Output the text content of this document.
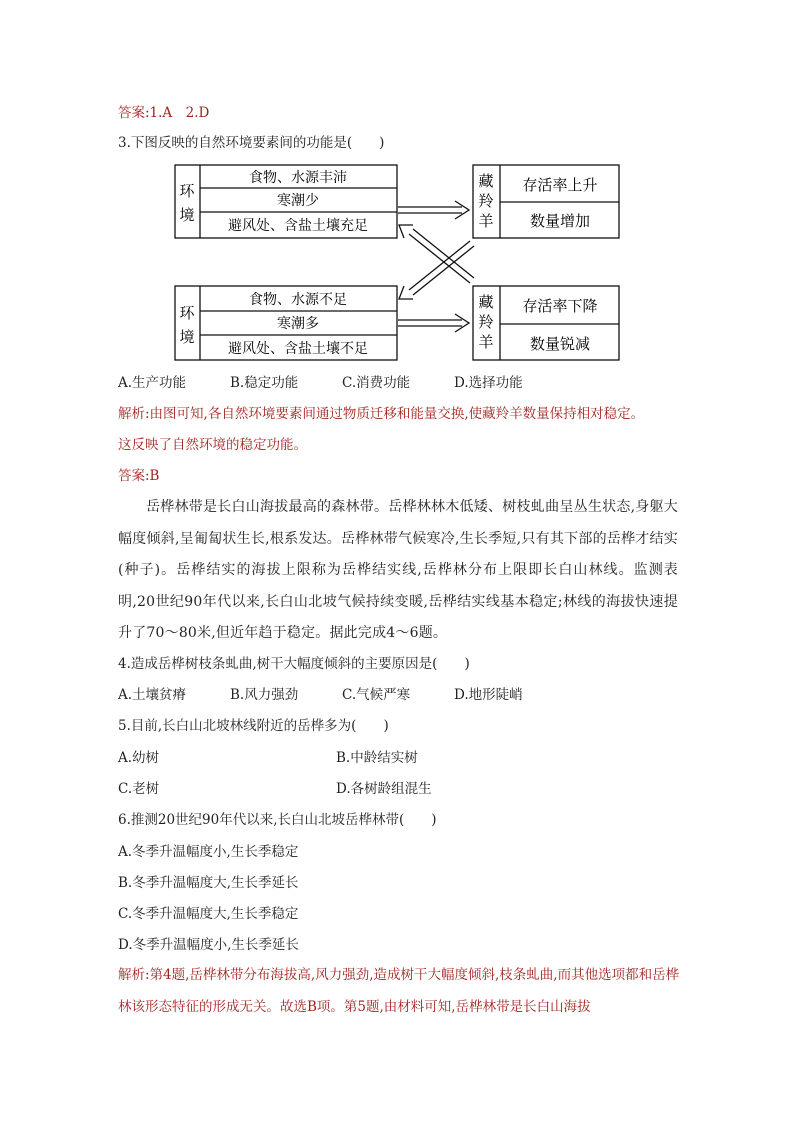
答案:1.A　2.D
3.下图反映的自然环境要素间的功能是(　　)
环
境
环
境
藏
羚
羊
藏
羚
羊
食物、水源丰沛
寒潮少
避风处、含盐土壤充足
食物、水源不足
寒潮多
避风处、含盐土壤不足
存活率上升
数量增加
存活率下降
数量锐减
A.生产功能	B.稳定功能	C.消费功能	D.选择功能
解析:由图可知,各自然环境要素间通过物质迁移和能量交换,使藏羚羊数量保持相对稳定。
这反映了自然环境的稳定功能。
答案:B
岳桦林带是长白山海拔最高的森林带。岳桦林林木低矮、树枝虬曲呈丛生状态,身躯大幅度倾斜,呈匍匐状生长,根系发达。岳桦林带气候寒冷,生长季短,只有其下部的岳桦才结实(种子)。岳桦结实的海拔上限称为岳桦结实线,岳桦林分布上限即长白山林线。监测表明,20世纪90年代以来,长白山北坡气候持续变暖,岳桦结实线基本稳定;林线的海拔快速提升了70～80米,但近年趋于稳定。据此完成4～6题。
4.造成岳桦树枝条虬曲,树干大幅度倾斜的主要原因是(　　)
A.土壤贫瘠	B.风力强劲	C.气候严寒	D.地形陡峭
5.目前,长白山北坡林线附近的岳桦多为(　　)
A.幼树	B.中龄结实树
C.老树	D.各树龄组混生
6.推测20世纪90年代以来,长白山北坡岳桦林带(　　)
A.冬季升温幅度小,生长季稳定
B.冬季升温幅度大,生长季延长
C.冬季升温幅度大,生长季稳定
D.冬季升温幅度小,生长季延长
解析:第4题,岳桦林带分布海拔高,风力强劲,造成树干大幅度倾斜,枝条虬曲,而其他选项都和岳桦林该形态特征的形成无关。故选B项。第5题,由材料可知,岳桦林带是长白山海拔
